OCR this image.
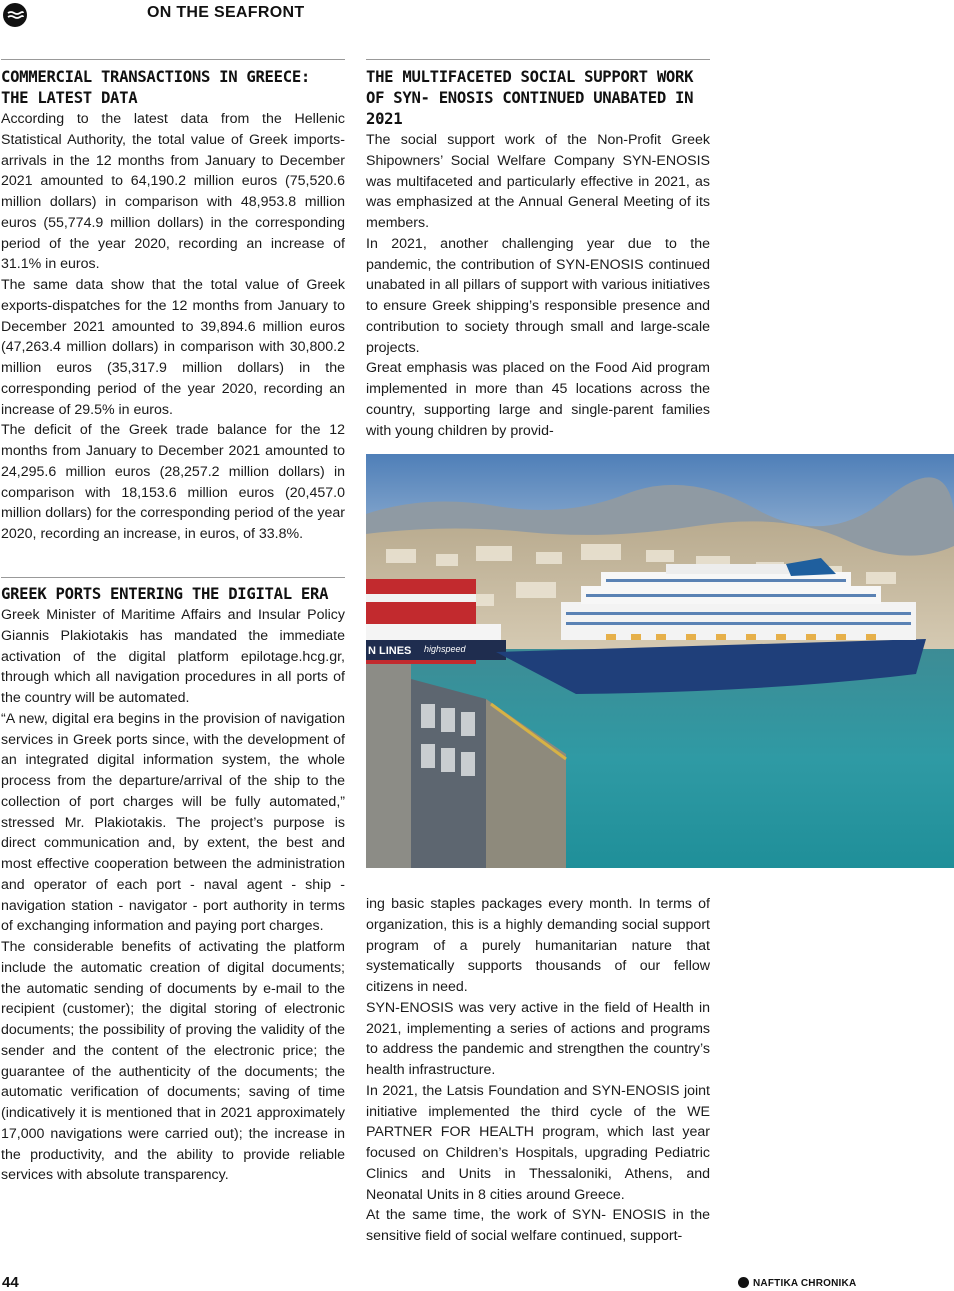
ON THE SEAFRONT
COMMERCIAL TRANSACTIONS IN GREECE: THE LATEST DATA

According to the latest data from the Hellenic Statistical Authority, the total value of Greek imports-arrivals in the 12 months from January to December 2021 amounted to 64,190.2 million euros (75,520.6 million dollars) in comparison with 48,953.8 million euros (55,774.9 million dollars) in the corresponding period of the year 2020, recording an increase of 31.1% in euros.

The same data show that the total value of Greek exports-dispatches for the 12 months from January to December 2021 amounted to 39,894.6 million euros (47,263.4 million dollars) in comparison with 30,800.2 million euros (35,317.9 million dollars) in the corresponding period of the year 2020, recording an increase of 29.5% in euros.

The deficit of the Greek trade balance for the 12 months from January to December 2021 amounted to 24,295.6 million euros (28,257.2 million dollars) in comparison with 18,153.6 million euros (20,457.0 million dollars) for the corresponding period of the year 2020, recording an increase, in euros, of 33.8%.

GREEK PORTS ENTERING THE DIGITAL ERA

Greek Minister of Maritime Affairs and Insular Policy Giannis Plakiotakis has mandated the immediate activation of the digital platform epilotage.hcg.gr, through which all navigation procedures in all ports of the country will be automated.

“A new, digital era begins in the provision of navigation services in Greek ports since, with the development of an integrated digital information system, the whole process from the departure/arrival of the ship to the collection of port charges will be fully automated,” stressed Mr. Plakiotakis. The project’s purpose is direct communication and, by extent, the best and most effective cooperation between the administration and operator of each port - naval agent - ship - navigation station - navigator - port authority in terms of exchanging information and paying port charges.

The considerable benefits of activating the platform include the automatic creation of digital documents; the automatic sending of documents by e-mail to the recipient (customer); the digital storing of electronic documents; the possibility of proving the validity of the sender and the content of the electronic price; the guarantee of the authenticity of the documents; the automatic verification of documents; saving of time (indicatively it is mentioned that in 2021 approximately 17,000 navigations were carried out); the increase in the productivity, and the ability to provide reliable services with absolute transparency.

THE MULTIFACETED SOCIAL SUPPORT WORK OF SYN- ENOSIS CONTINUED UNABATED IN 2021

The social support work of the Non-Profit Greek Shipowners’ Social Welfare Company SYN-ENOSIS was multifaceted and particularly effective in 2021, as was emphasized at the Annual General Meeting of its members.

In 2021, another challenging year due to the pandemic, the contribution of SYN-ENOSIS continued unabated in all pillars of support with various initiatives to ensure Greek shipping’s responsible presence and contribution to society through small and large-scale projects.

Great emphasis was placed on the Food Aid program implemented in more than 45 locations across the country, supporting large and single-parent families with young children by provid-

N LINES highspeed

ing basic staples packages every month. In terms of organization, this is a highly demanding social support program of a purely humanitarian nature that systematically supports thousands of our fellow citizens in need.

SYN-ENOSIS was very active in the field of Health in 2021, implementing a series of actions and programs to address the pandemic and strengthen the country’s health infrastructure.

In 2021, the Latsis Foundation and SYN-ENOSIS joint initiative implemented the third cycle of the WE PARTNER FOR HEALTH program, which last year focused on Children’s Hospitals, upgrading Pediatric Clinics and Units in Thessaloniki, Athens, and Neonatal Units in 8 cities around Greece.

At the same time, the work of SYN- ENOSIS in the sensitive field of social welfare continued, support-

44	NAFTIKA CHRONIKA
